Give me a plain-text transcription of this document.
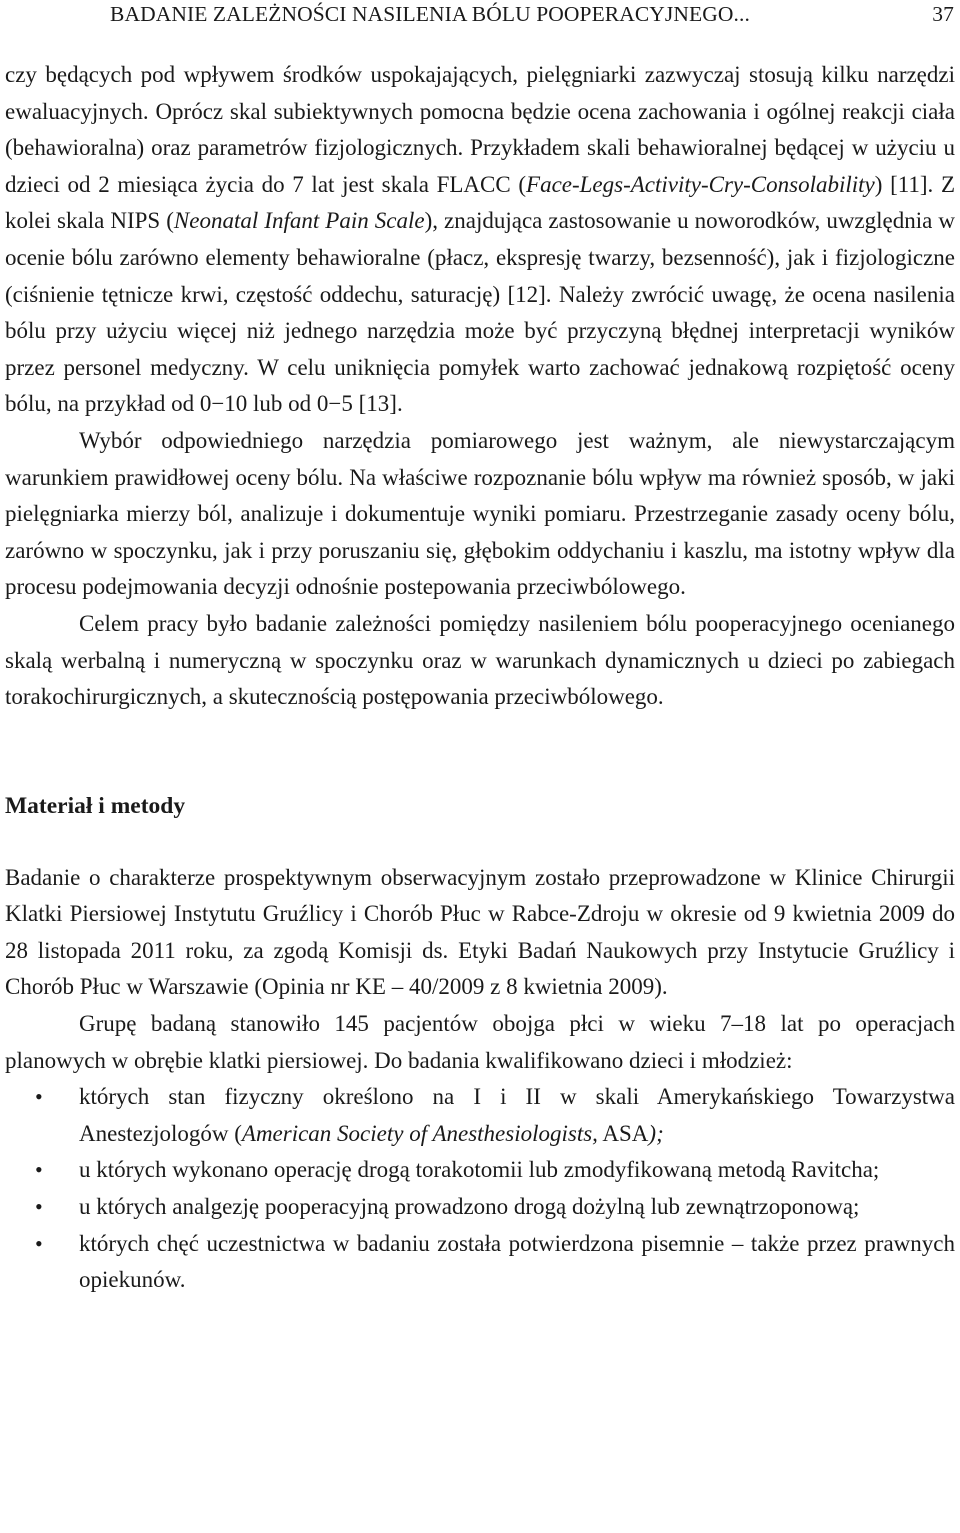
BADANIE ZALEŻNOŚCI NASILENIA BÓLU POOPERACYJNEGO...	37

czy będących pod wpływem środków uspokajających, pielęgniarki zazwyczaj stosują kilku narzędzi ewaluacyjnych. Oprócz skal subiektywnych pomocna będzie ocena zachowania i ogólnej reakcji ciała (behawioralna) oraz parametrów fizjologicznych. Przykładem skali behawioralnej będącej w użyciu u dzieci od 2 miesiąca życia do 7 lat jest skala FLACC (Face-Legs-Activity-Cry-Consolability) [11]. Z kolei skala NIPS (Neonatal Infant Pain Scale), znajdująca zastosowanie u noworodków, uwzględnia w ocenie bólu zarówno elementy behawioralne (płacz, ekspresję twarzy, bezsenność), jak i fizjologiczne (ciśnienie tętnicze krwi, częstość oddechu, saturację) [12]. Należy zwrócić uwagę, że ocena nasilenia bólu przy użyciu więcej niż jednego narzędzia może być przyczyną błędnej interpretacji wyników przez personel medyczny. W celu uniknięcia pomyłek warto zachować jednakową rozpiętość oceny bólu, na przykład od 0−10 lub od 0−5 [13].

Wybór odpowiedniego narzędzia pomiarowego jest ważnym, ale niewystarczającym warunkiem prawidłowej oceny bólu. Na właściwe rozpoznanie bólu wpływ ma również sposób, w jaki pielęgniarka mierzy ból, analizuje i dokumentuje wyniki pomiaru. Przestrzeganie zasady oceny bólu, zarówno w spoczynku, jak i przy poruszaniu się, głębokim oddychaniu i kaszlu, ma istotny wpływ dla procesu podejmowania decyzji odnośnie postepowania przeciwbólowego.

Celem pracy było badanie zależności pomiędzy nasileniem bólu pooperacyjnego ocenianego skalą werbalną i numeryczną w spoczynku oraz w warunkach dynamicznych u dzieci po zabiegach torakochirurgicznych, a skutecznością postępowania przeciwbólowego.

Materiał i metody

Badanie o charakterze prospektywnym obserwacyjnym zostało przeprowadzone w Klinice Chirurgii Klatki Piersiowej Instytutu Gruźlicy i Chorób Płuc w Rabce-Zdroju w okresie od 9 kwietnia 2009 do 28 listopada 2011 roku, za zgodą Komisji ds. Etyki Badań Naukowych przy Instytucie Gruźlicy i Chorób Płuc w Warszawie (Opinia nr KE – 40/2009 z 8 kwietnia 2009).

Grupę badaną stanowiło 145 pacjentów obojga płci w wieku 7–18 lat po operacjach planowych w obrębie klatki piersiowej. Do badania kwalifikowano dzieci i młodzież:

• których stan fizyczny określono na I i II w skali Amerykańskiego Towarzystwa Anestezjologów (American Society of Anesthesiologists, ASA);
• u których wykonano operację drogą torakotomii lub zmodyfikowaną metodą Ravitcha;
• u których analgezję pooperacyjną prowadzono drogą dożylną lub zewnątrzoponową;
• których chęć uczestnictwa w badaniu została potwierdzona pisemnie – także przez prawnych opiekunów.
